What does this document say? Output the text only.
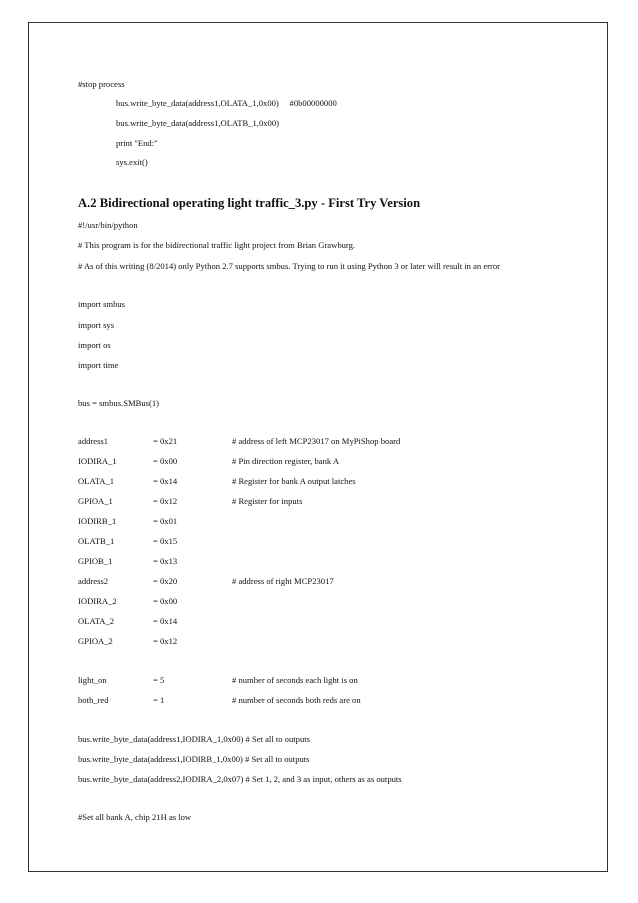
#stop process
bus.write_byte_data(address1,OLATA_1,0x00)     #0b00000000
bus.write_byte_data(address1,OLATB_1,0x00)
print "End:"
sys.exit()
A.2 Bidirectional operating light traffic_3.py - First Try Version
#!/usr/bin/python
# This program is for the bidirectional traffic light project from Brian Grawburg.
# As of this writing (8/2014) only Python 2.7 supports smbus. Trying to run it using Python 3 or later will result in an error
import smbus
import sys
import os
import time
bus = smbus.SMBus(1)
address1	= 0x21	# address of left MCP23017 on MyPiShop board
IODIRA_1	= 0x00	# Pin direction register, bank A
OLATA_1	= 0x14	# Register for bank A output latches
GPIOA_1	= 0x12	# Register for inputs
IODIRB_1	= 0x01
OLATB_1	= 0x15
GPIOB_1	= 0x13
address2	= 0x20	# address of right MCP23017
IODIRA_2	= 0x00
OLATA_2	= 0x14
GPIOA_2	= 0x12
light_on	= 5	# number of seconds each light is on
both_red	= 1	# number of seconds both reds are on
bus.write_byte_data(address1,IODIRA_1,0x00) # Set all to outputs
bus.write_byte_data(address1,IODIRB_1,0x00) # Set all to outputs
bus.write_byte_data(address2,IODIRA_2,0x07) # Set 1, 2, and 3 as input, others as as outputs
#Set all bank A, chip 21H as low
